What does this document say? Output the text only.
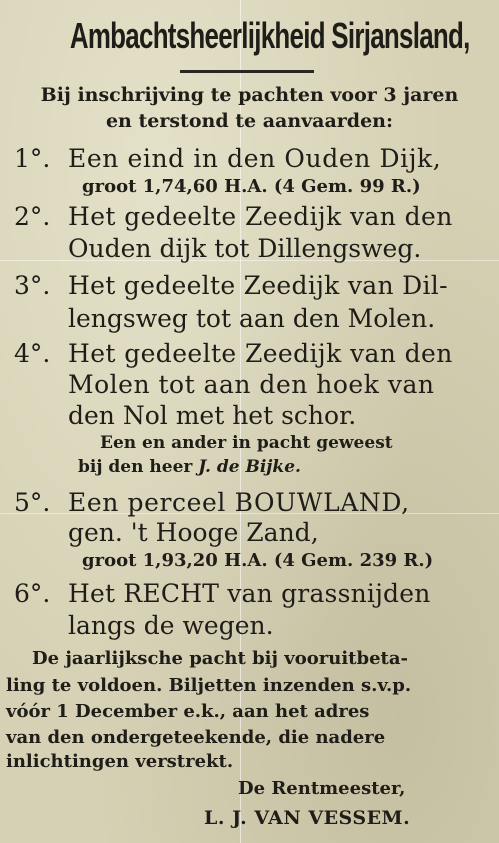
Ambachtsheerlijkheid Sirjansland,
Bij inschrijving te pachten voor 3 jaren
en terstond te aanvaarden:
1°. Een eind in den Ouden Dijk,
groot 1,74,60 H.A. (4 Gem. 99 R.)
2°. Het gedeelte Zeedijk van den
Ouden dijk tot Dillengsweg.
3°. Het gedeelte Zeedijk van Dil-
lengsweg tot aan den Molen.
4°. Het gedeelte Zeedijk van den
Molen tot aan den hoek van
den Nol met het schor.
Een en ander in pacht geweest
bij den heer J. de Bijke.
5°. Een perceel BOUWLAND,
gen. 't Hooge Zand,
groot 1,93,20 H.A. (4 Gem. 239 R.)
6°. Het RECHT van grassnijden
langs de wegen.
De jaarlijksche pacht bij vooruitbeta-
ling te voldoen. Biljetten inzenden s.v.p.
vóór 1 December e.k., aan het adres
van den ondergeteekende, die nadere
inlichtingen verstrekt.
De Rentmeester,
L. J. VAN VESSEM.
